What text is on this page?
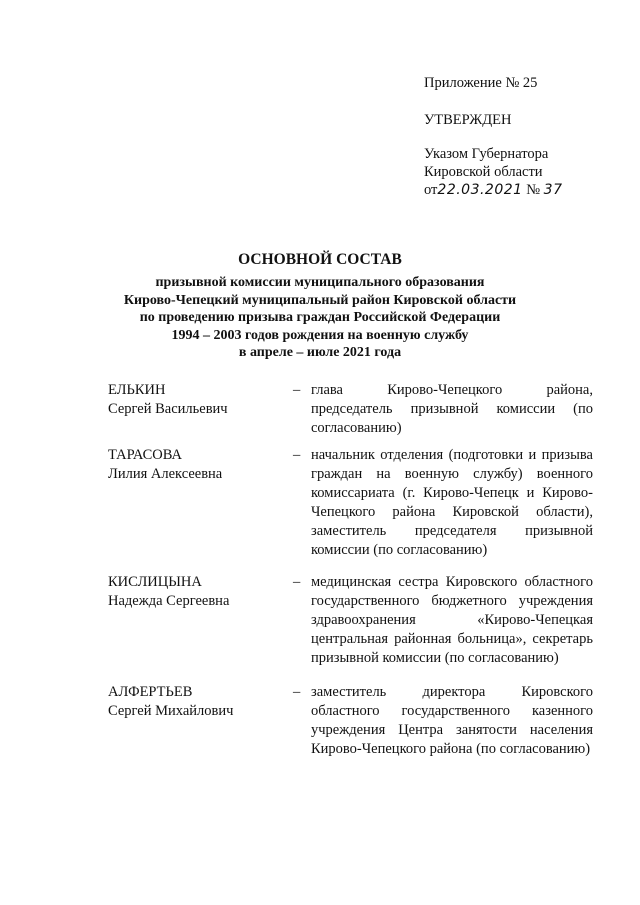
Приложение № 25

УТВЕРЖДЕН

Указом Губернатора

Кировской области

от22.03.2021 № 37

ОСНОВНОЙ СОСТАВ

призывной комиссии муниципального образования

Кирово-Чепецкий муниципальный район Кировской области

по проведению призыва граждан Российской Федерации

1994 – 2003 годов рождения на военную службу

в апреле – июле 2021 года

ЕЛЬКИН
Сергей Васильевич
– глава Кирово-Чепецкого района, председатель призывной комиссии (по согласованию)
ТАРАСОВА
Лилия Алексеевна
– начальник отделения (подготовки и призыва граждан на военную службу) военного комиссариата (г. Кирово-Чепецк и Кирово-Чепецкого района Кировской области), заместитель председателя призывной комиссии (по согласованию)
КИСЛИЦЫНА
Надежда Сергеевна
– медицинская сестра Кировского областного государственного бюджетного учреждения здравоохранения «Кирово-Чепецкая центральная районная больница», секретарь призывной комиссии (по согласованию)
АЛФЕРТЬЕВ
Сергей Михайлович
– заместитель директора Кировского областного государственного казенного учреждения Центра занятости населения Кирово-Чепецкого района (по согласованию)
